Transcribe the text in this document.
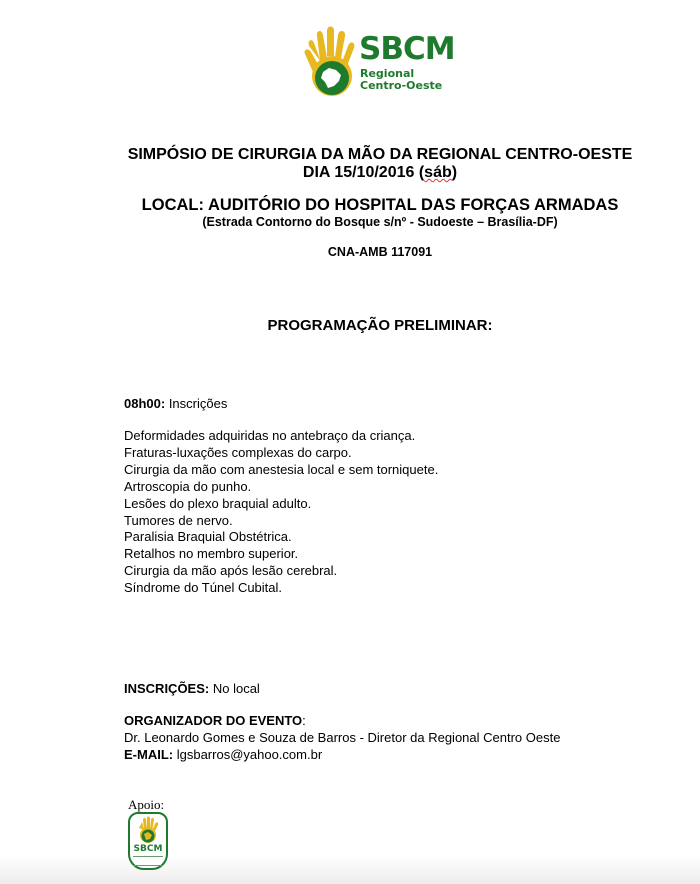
SBCM
Regional
Centro-Oeste
SIMPÓSIO DE CIRURGIA DA MÃO DA REGIONAL CENTRO-OESTE
DIA 15/10/2016 (sáb)
LOCAL: AUDITÓRIO DO HOSPITAL DAS FORÇAS ARMADAS
(Estrada Contorno do Bosque s/nº - Sudoeste – Brasília-DF)
CNA-AMB 117091
PROGRAMAÇÃO PRELIMINAR:
08h00: Inscrições
Deformidades adquiridas no antebraço da criança.
Fraturas-luxações complexas do carpo.
Cirurgia da mão com anestesia local e sem torniquete.
Artroscopia do punho.
Lesões do plexo braquial adulto.
Tumores de nervo.
Paralisia Braquial Obstétrica.
Retalhos no membro superior.
Cirurgia da mão após lesão cerebral.
Síndrome do Túnel Cubital.
INSCRIÇÕES: No local
ORGANIZADOR DO EVENTO:
Dr. Leonardo Gomes e Souza de Barros - Diretor da Regional Centro Oeste
E-MAIL: lgsbarros@yahoo.com.br
Apoio:
SBCM
